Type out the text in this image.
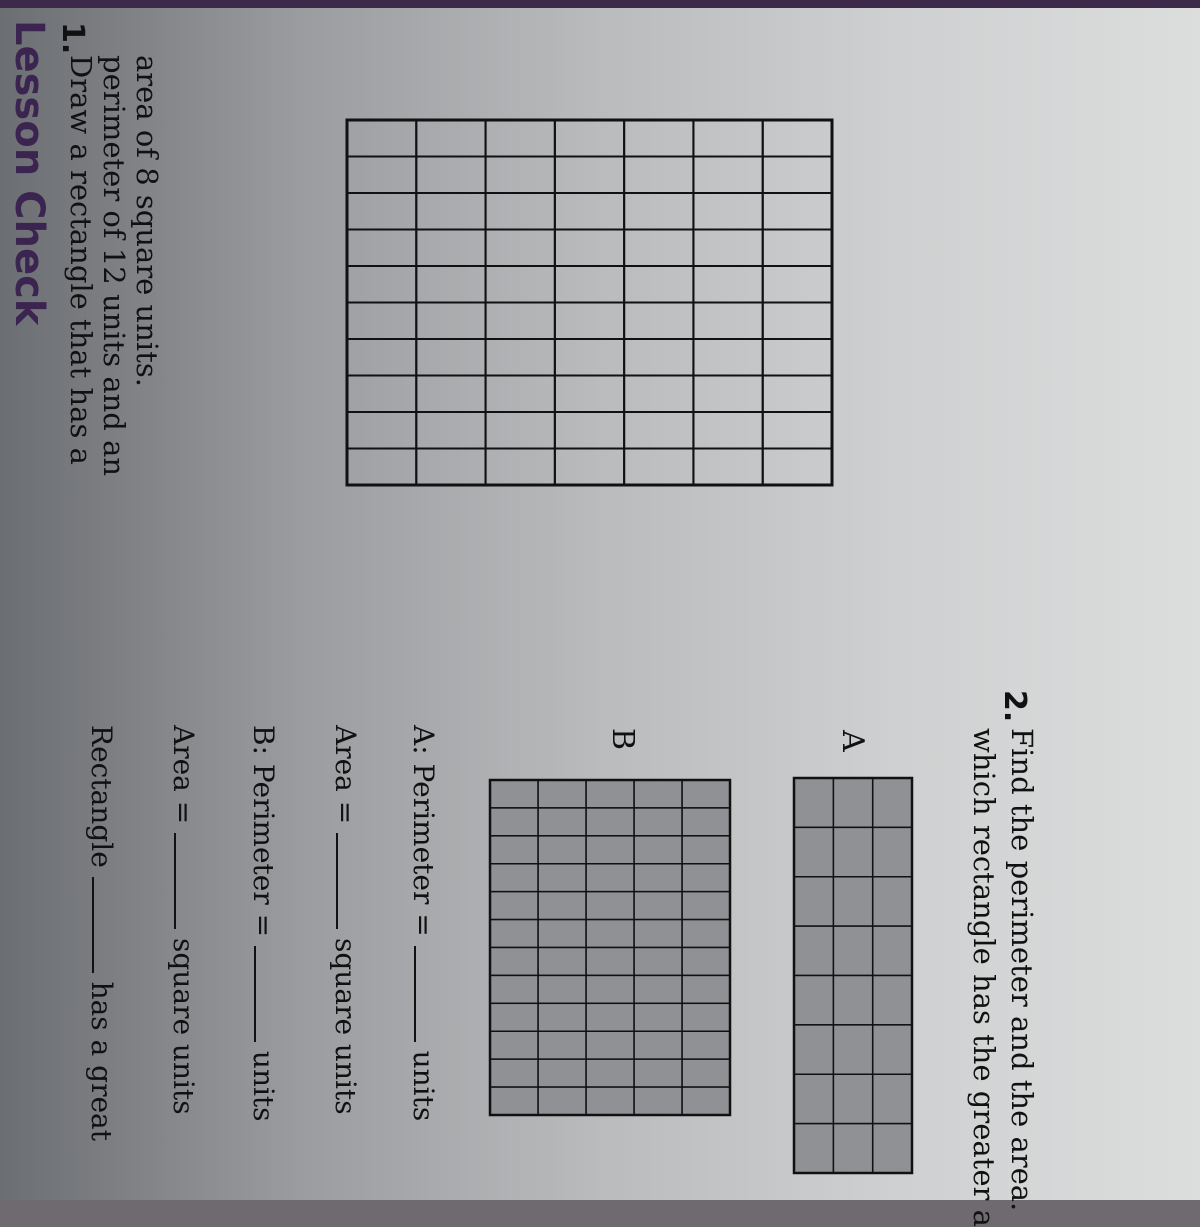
Lesson Check 1.
Draw a rectangle that has a perimeter of 12 units and an area of 8 square units.
2.
Find the perimeter and the area.
which rectangle has the greater a
A
B
A: Perimeter =  units
Area =  square units
B: Perimeter =  units
Area =  square units
Rectangle  has a great
